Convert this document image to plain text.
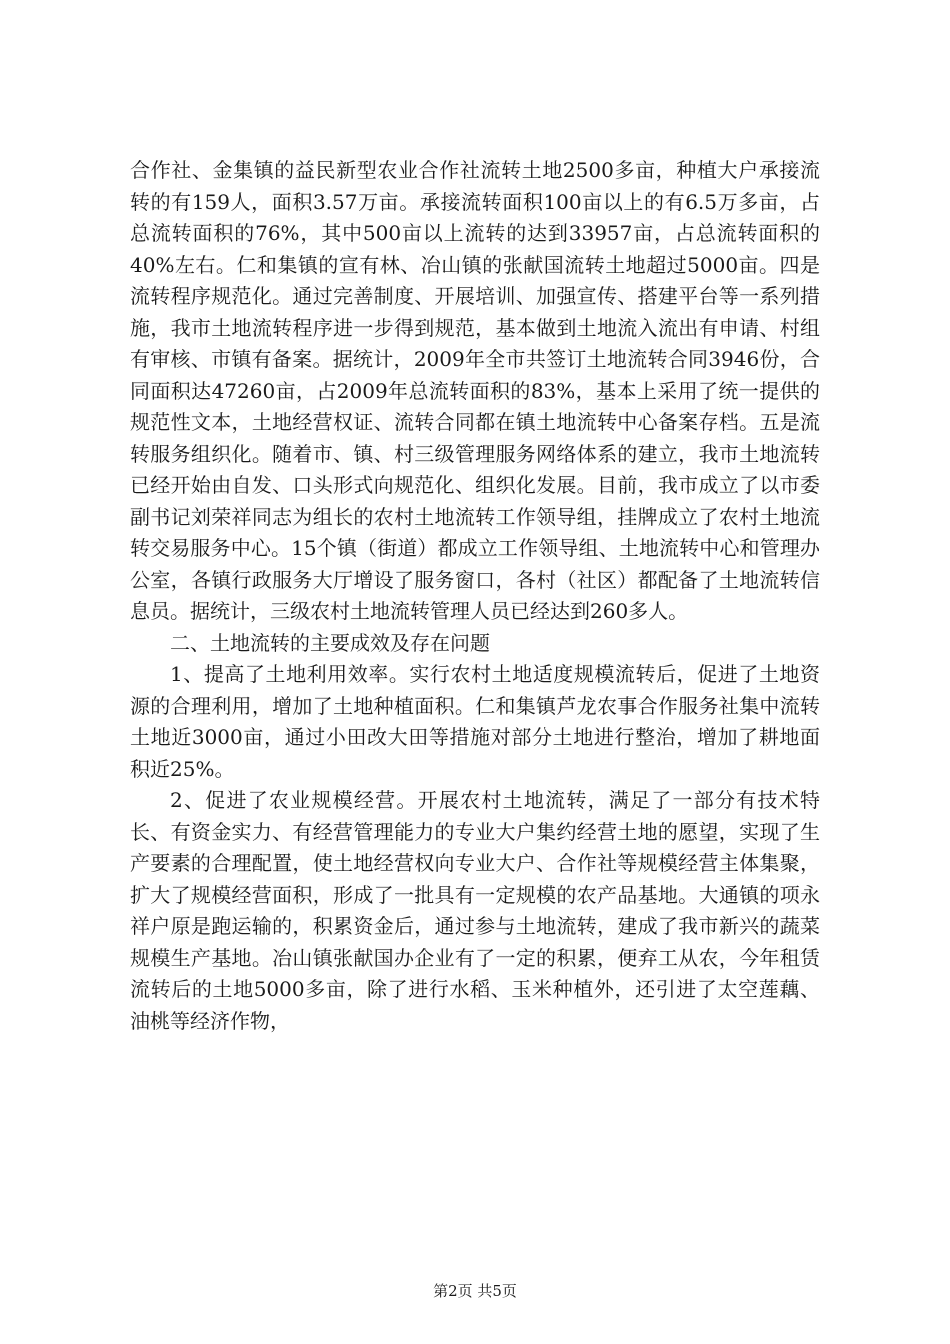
合作社、金集镇的益民新型农业合作社流转土地2500多亩，种植大户承接流转的有159人，面积3.57万亩。承接流转面积100亩以上的有6.5万多亩，占总流转面积的76%，其中500亩以上流转的达到33957亩，占总流转面积的40%左右。仁和集镇的宣有林、冶山镇的张献国流转土地超过5000亩。四是流转程序规范化。通过完善制度、开展培训、加强宣传、搭建平台等一系列措施，我市土地流转程序进一步得到规范，基本做到土地流入流出有申请、村组有审核、市镇有备案。据统计，2009年全市共签订土地流转合同3946份，合同面积达47260亩，占2009年总流转面积的83%，基本上采用了统一提供的规范性文本，土地经营权证、流转合同都在镇土地流转中心备案存档。五是流转服务组织化。随着市、镇、村三级管理服务网络体系的建立，我市土地流转已经开始由自发、口头形式向规范化、组织化发展。目前，我市成立了以市委副书记刘荣祥同志为组长的农村土地流转工作领导组，挂牌成立了农村土地流转交易服务中心。15个镇（街道）都成立工作领导组、土地流转中心和管理办公室，各镇行政服务大厅增设了服务窗口，各村（社区）都配备了土地流转信息员。据统计，三级农村土地流转管理人员已经达到260多人。

二、土地流转的主要成效及存在问题

1、提高了土地利用效率。实行农村土地适度规模流转后，促进了土地资源的合理利用，增加了土地种植面积。仁和集镇芦龙农事合作服务社集中流转土地近3000亩，通过小田改大田等措施对部分土地进行整治，增加了耕地面积近25%。

2、促进了农业规模经营。开展农村土地流转，满足了一部分有技术特长、有资金实力、有经营管理能力的专业大户集约经营土地的愿望，实现了生产要素的合理配置，使土地经营权向专业大户、合作社等规模经营主体集聚，扩大了规模经营面积，形成了一批具有一定规模的农产品基地。大通镇的项永祥户原是跑运输的，积累资金后，通过参与土地流转，建成了我市新兴的蔬菜规模生产基地。冶山镇张献国办企业有了一定的积累，便弃工从农，今年租赁流转后的土地5000多亩，除了进行水稻、玉米种植外，还引进了太空莲藕、油桃等经济作物，

第2页 共5页
